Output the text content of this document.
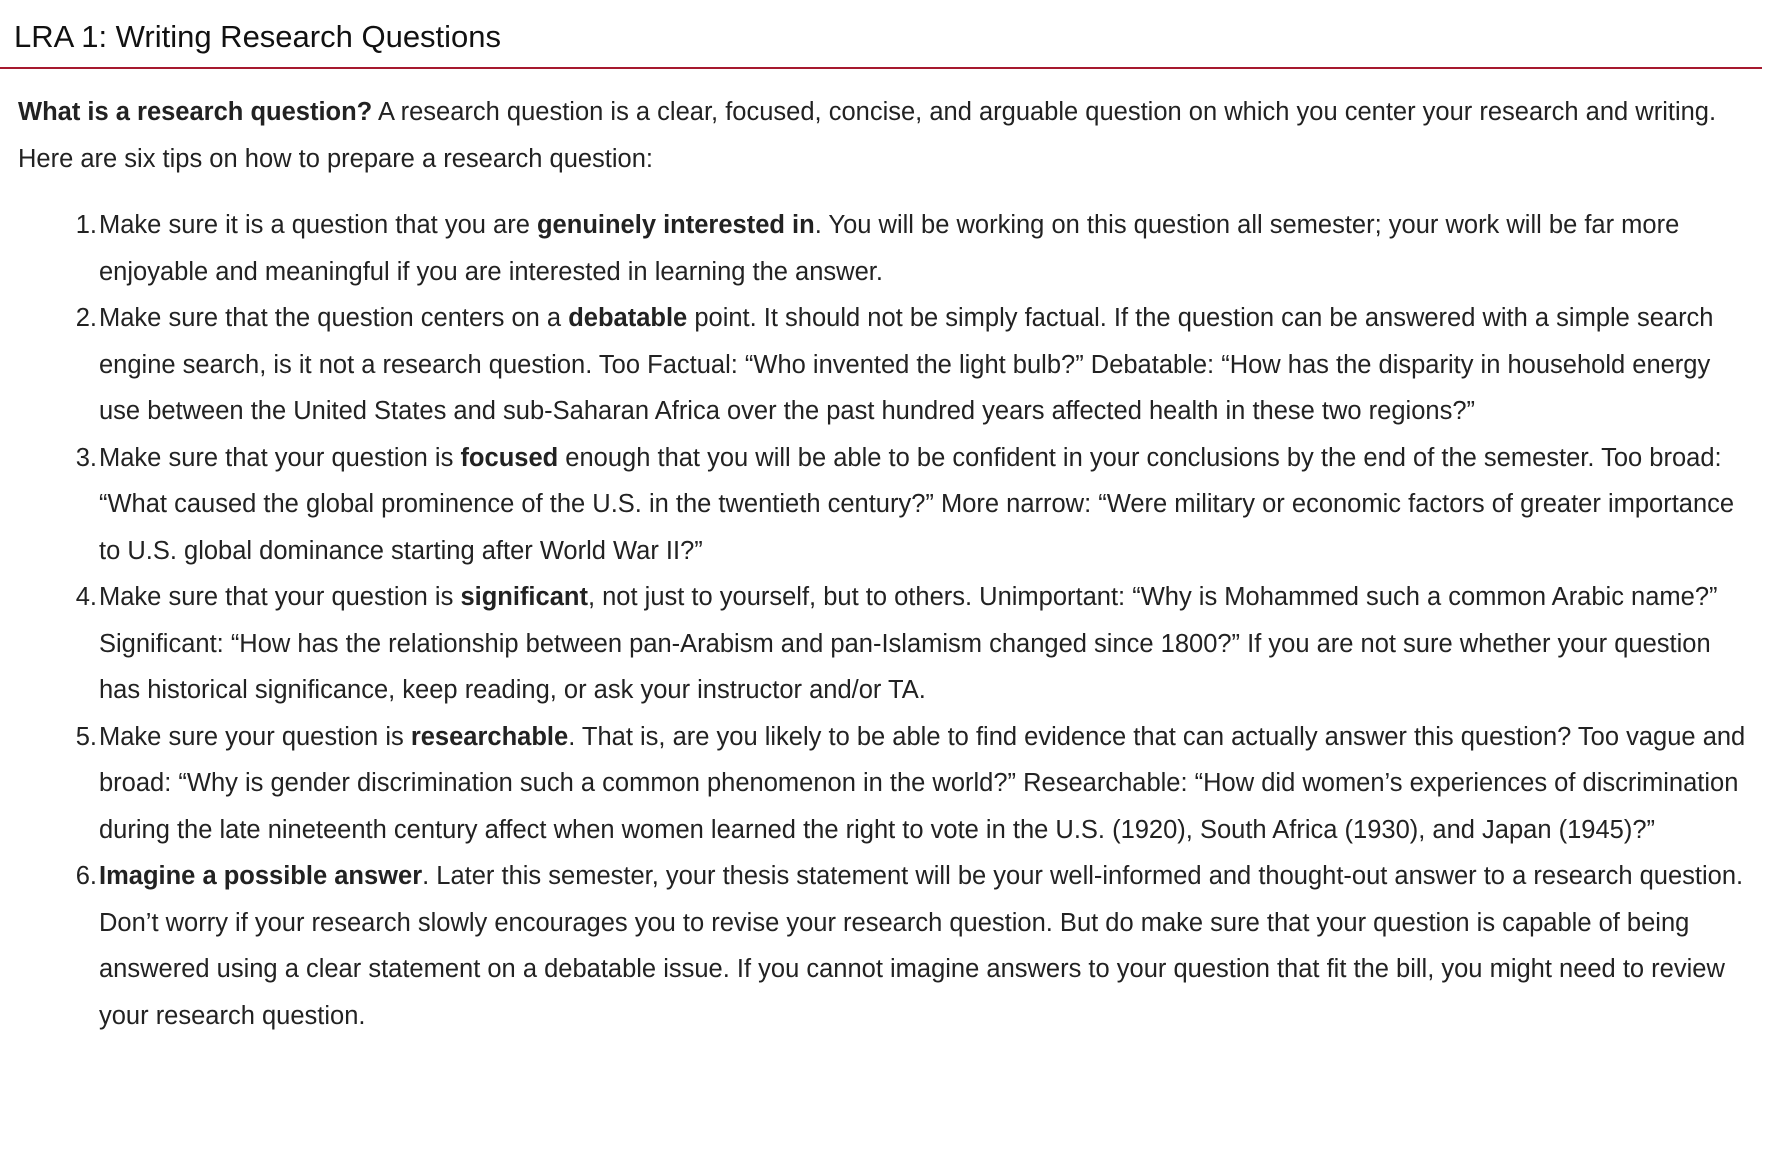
LRA 1: Writing Research Questions

What is a research question? A research question is a clear, focused, concise, and arguable question on which you center your research and writing.

Here are six tips on how to prepare a research question:

1. Make sure it is a question that you are genuinely interested in. You will be working on this question all semester; your work will be far more enjoyable and meaningful if you are interested in learning the answer.
2. Make sure that the question centers on a debatable point. It should not be simply factual. If the question can be answered with a simple search engine search, is it not a research question. Too Factual: “Who invented the light bulb?” Debatable: “How has the disparity in household energy use between the United States and sub-Saharan Africa over the past hundred years affected health in these two regions?”
3. Make sure that your question is focused enough that you will be able to be confident in your conclusions by the end of the semester. Too broad: “What caused the global prominence of the U.S. in the twentieth century?” More narrow: “Were military or economic factors of greater importance to U.S. global dominance starting after World War II?”
4. Make sure that your question is significant, not just to yourself, but to others. Unimportant: “Why is Mohammed such a common Arabic name?” Significant: “How has the relationship between pan-Arabism and pan-Islamism changed since 1800?” If you are not sure whether your question has historical significance, keep reading, or ask your instructor and/or TA.
5. Make sure your question is researchable. That is, are you likely to be able to find evidence that can actually answer this question? Too vague and broad: “Why is gender discrimination such a common phenomenon in the world?” Researchable: “How did women’s experiences of discrimination during the late nineteenth century affect when women learned the right to vote in the U.S. (1920), South Africa (1930), and Japan (1945)?”
6. Imagine a possible answer. Later this semester, your thesis statement will be your well-informed and thought-out answer to a research question. Don’t worry if your research slowly encourages you to revise your research question. But do make sure that your question is capable of being answered using a clear statement on a debatable issue. If you cannot imagine answers to your question that fit the bill, you might need to review your research question.
